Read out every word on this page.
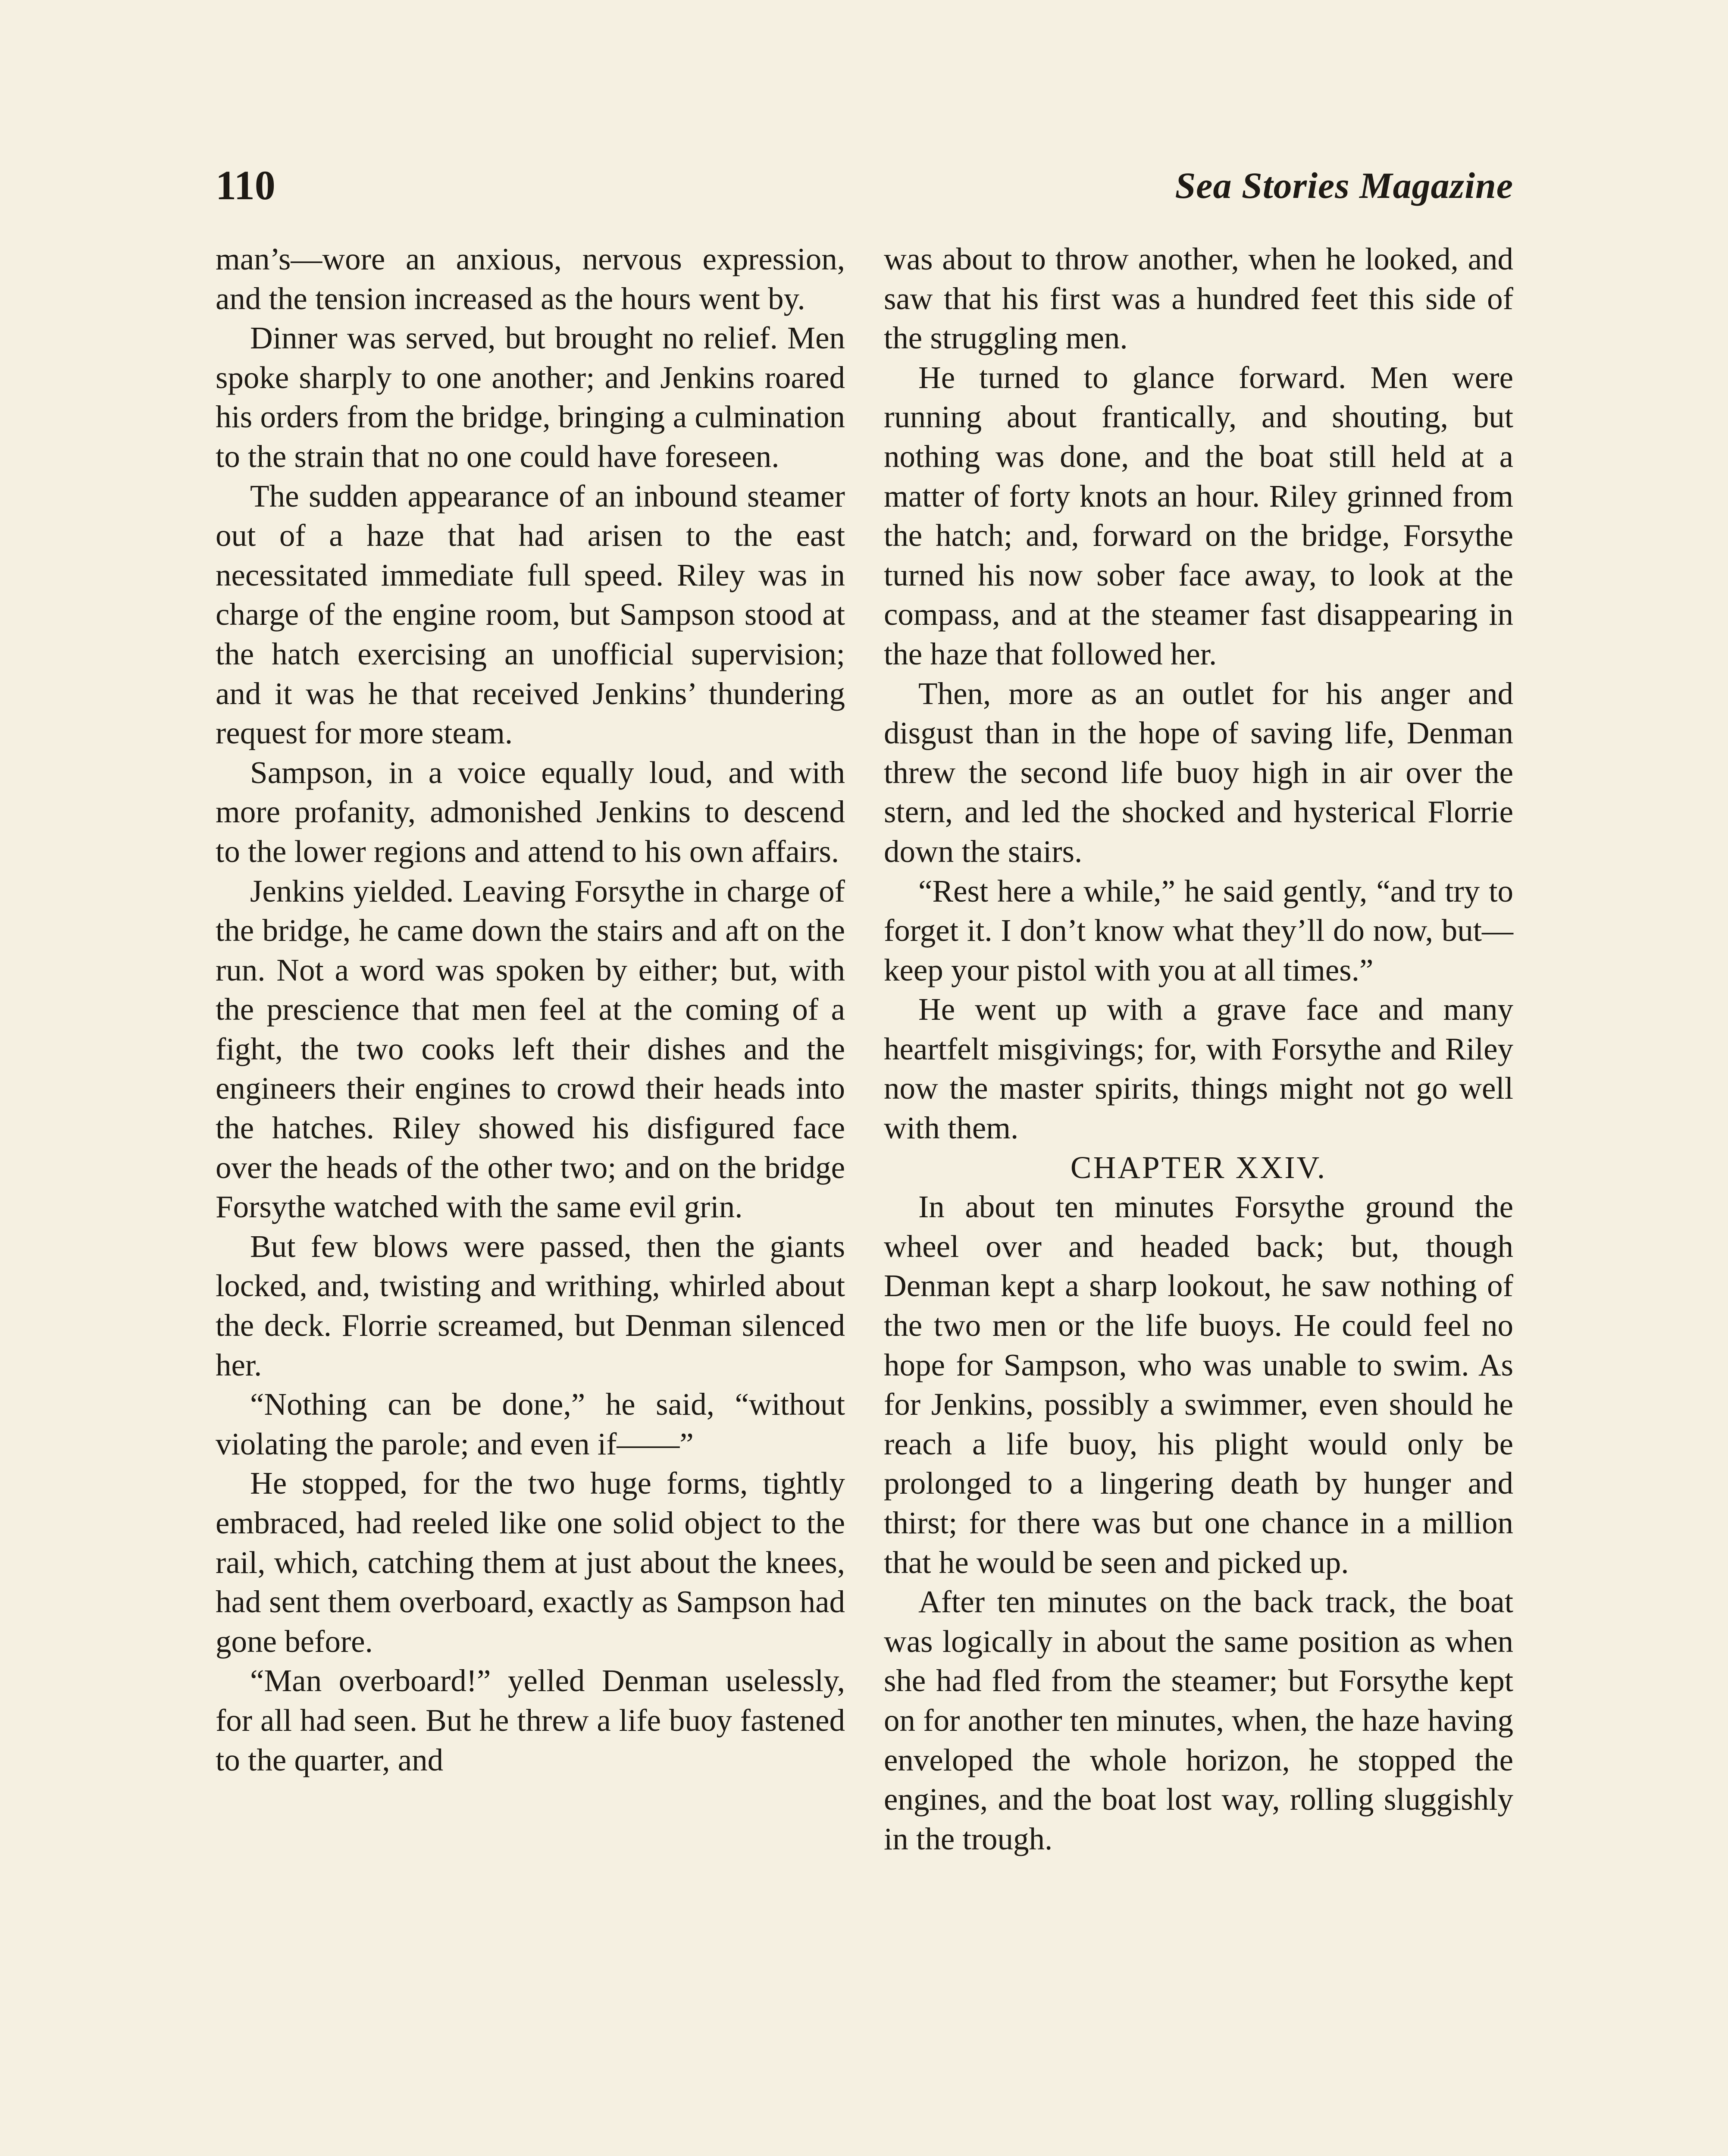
110	Sea Stories Magazine

man’s—wore an anxious, nervous expression, and the tension increased as the hours went by.

Dinner was served, but brought no relief. Men spoke sharply to one another; and Jenkins roared his orders from the bridge, bringing a culmination to the strain that no one could have foreseen.

The sudden appearance of an inbound steamer out of a haze that had arisen to the east necessitated immediate full speed. Riley was in charge of the engine room, but Sampson stood at the hatch exercising an unofficial supervision; and it was he that received Jenkins’ thundering request for more steam.

Sampson, in a voice equally loud, and with more profanity, admonished Jenkins to descend to the lower regions and attend to his own affairs.

Jenkins yielded. Leaving Forsythe in charge of the bridge, he came down the stairs and aft on the run. Not a word was spoken by either; but, with the prescience that men feel at the coming of a fight, the two cooks left their dishes and the engineers their engines to crowd their heads into the hatches. Riley showed his disfigured face over the heads of the other two; and on the bridge Forsythe watched with the same evil grin.

But few blows were passed, then the giants locked, and, twisting and writhing, whirled about the deck. Florrie screamed, but Denman silenced her.

“Nothing can be done,” he said, “without violating the parole; and even if——”

He stopped, for the two huge forms, tightly embraced, had reeled like one solid object to the rail, which, catching them at just about the knees, had sent them overboard, exactly as Sampson had gone before.

“Man overboard!” yelled Denman uselessly, for all had seen. But he threw a life buoy fastened to the quarter, and

was about to throw another, when he looked, and saw that his first was a hundred feet this side of the struggling men.

He turned to glance forward. Men were running about frantically, and shouting, but nothing was done, and the boat still held at a matter of forty knots an hour. Riley grinned from the hatch; and, forward on the bridge, Forsythe turned his now sober face away, to look at the compass, and at the steamer fast disappearing in the haze that followed her.

Then, more as an outlet for his anger and disgust than in the hope of saving life, Denman threw the second life buoy high in air over the stern, and led the shocked and hysterical Florrie down the stairs.

“Rest here a while,” he said gently, “and try to forget it. I don’t know what they’ll do now, but—keep your pistol with you at all times.”

He went up with a grave face and many heartfelt misgivings; for, with Forsythe and Riley now the master spirits, things might not go well with them.

CHAPTER XXIV.

In about ten minutes Forsythe ground the wheel over and headed back; but, though Denman kept a sharp lookout, he saw nothing of the two men or the life buoys. He could feel no hope for Sampson, who was unable to swim. As for Jenkins, possibly a swimmer, even should he reach a life buoy, his plight would only be prolonged to a lingering death by hunger and thirst; for there was but one chance in a million that he would be seen and picked up.

After ten minutes on the back track, the boat was logically in about the same position as when she had fled from the steamer; but Forsythe kept on for another ten minutes, when, the haze having enveloped the whole horizon, he stopped the engines, and the boat lost way, rolling sluggishly in the trough.
